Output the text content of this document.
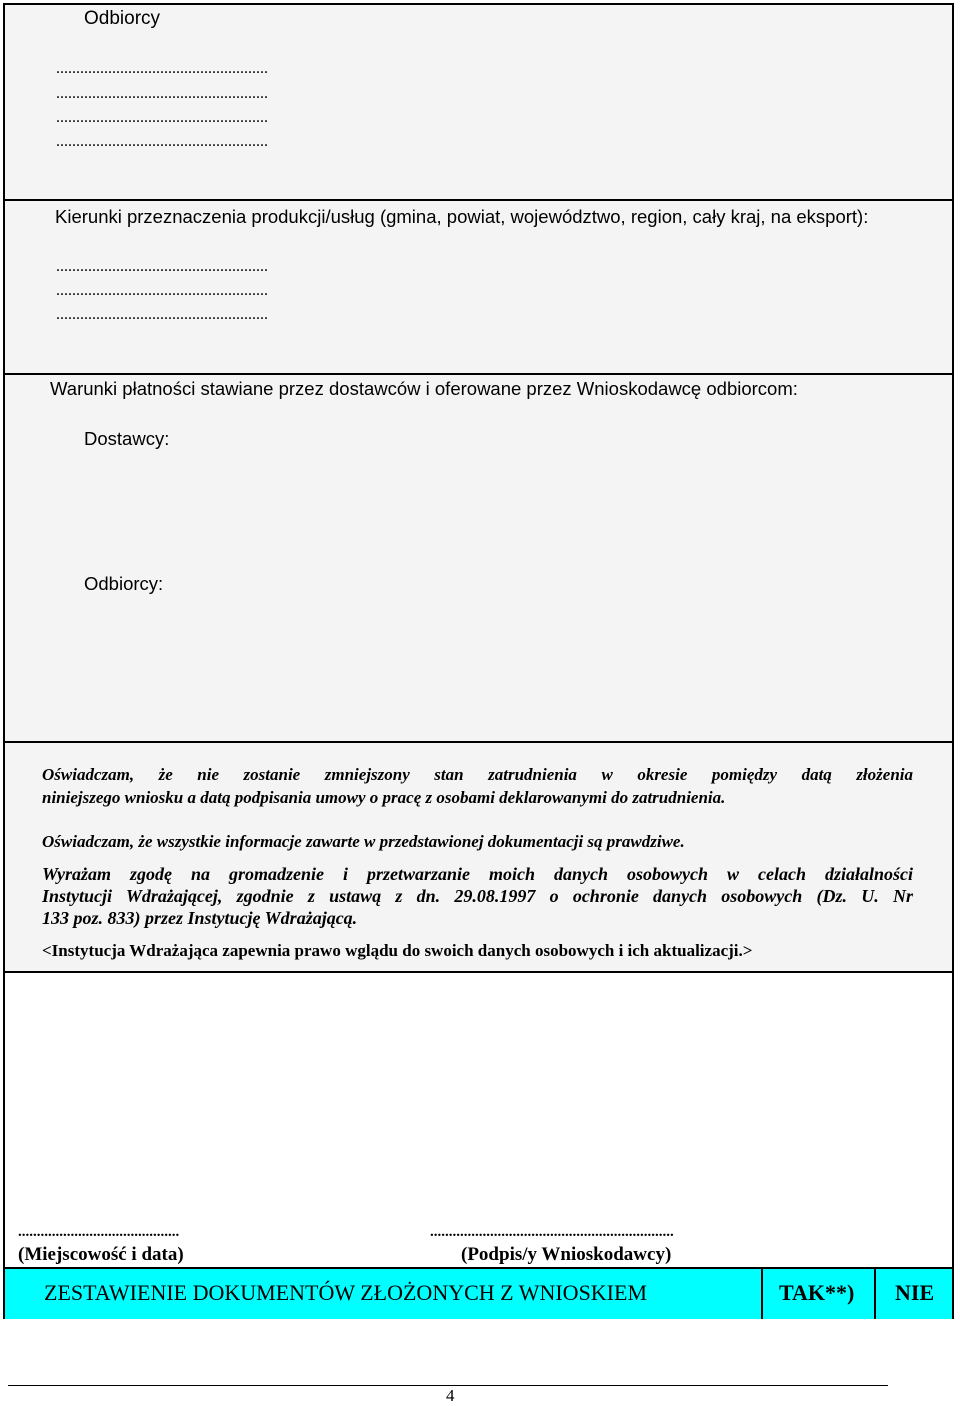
Odbiorcy
.....................................................
.....................................................
.....................................................
.....................................................
Kierunki przeznaczenia produkcji/usług (gmina, powiat, województwo, region, cały kraj, na eksport):
.....................................................
.....................................................
.....................................................
Warunki płatności stawiane przez dostawców i oferowane przez Wnioskodawcę odbiorcom:
Dostawcy:
Odbiorcy:
Oświadczam, że nie zostanie zmniejszony stan zatrudnienia w okresie pomiędzy datą złożenia
niniejszego wniosku a datą podpisania umowy o pracę z osobami deklarowanymi do zatrudnienia.
Oświadczam, że wszystkie informacje zawarte w przedstawionej dokumentacji są prawdziwe.
Wyrażam zgodę na gromadzenie i przetwarzanie moich danych osobowych w celach działalności
Instytucji Wdrażającej, zgodnie z ustawą z dn. 29.08.1997 o ochronie danych osobowych (Dz. U. Nr
133 poz. 833) przez Instytucję Wdrażającą.
<Instytucja Wdrażająca zapewnia prawo wglądu do swoich danych osobowych i ich aktualizacji.>
...........................................
(Miejscowość i data)
.................................................................
(Podpis/y Wnioskodawcy)
ZESTAWIENIE DOKUMENTÓW ZŁOŻONYCH Z WNIOSKIEM	TAK**) NIE
4
